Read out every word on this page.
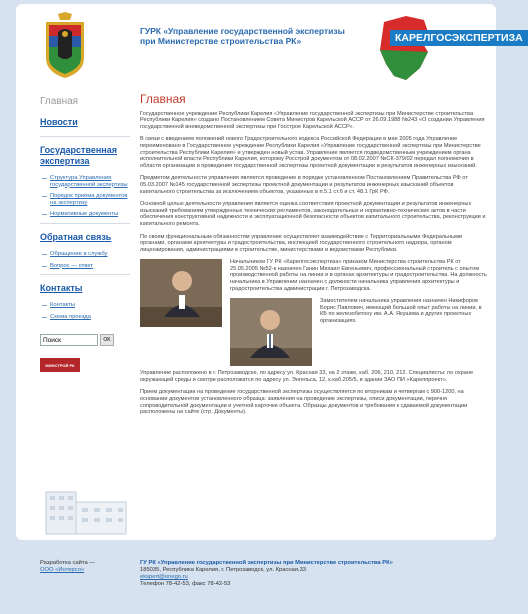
ГУРК «Управление государственной экспертизы
при Министерстве строительства РК»	КАРЕЛГОСЭКСПЕРТИЗА
Главная
Новости
Государственная экспертиза
Структура Управления государственной экспертизы
Порядок приёма документов на экспертизу
Нормативные документы
Обратная связь
Обращение в службу
Вопрос — ответ
Контакты
Контакты
Схема проезда
Поиск
OK
МИНСТРОЙ РК
Главная

Государственное учреждение Республики Карелия «Управление государственной экспертизы при Министерстве строительства Республики Карелия» создано Постановлением Совета Министров Карельской АССР от 26.09.1988 №243 «О создании Управления государственной вневедомственной экспертизы при Госстрое Карельской АССР».

В связи с введением положений нового Градостроительного кодекса Российской Федерации в мае 2005 года Управление переименовано в Государственное учреждение Республики Карелия «Управление государственной экспертизы при Министерстве строительства Республики Карелия» и утвержден новый устав. Управление является подведомственным учреждением органа исполнительной власти Республики Карелия, которому Росстрой документом от 08.02.2007 №СК-379/02 передал полномочия в области организации и проведения государственной экспертизы проектной документации и результатов инженерных изысканий.

Предметом деятельности управления является проведение в порядке установленном Постановлением Правительства РФ от 05.03.2007 №145 государственной экспертизы проектной документации и результатов инженерных изысканий объектов капитального строительства за исключением объектов, указанных в п.5.1 ст.6 и ст. 48.1 ГрК РФ.

Основной целью деятельности управления является оценка соответствия проектной документации и результатов инженерных изысканий требованиям утвержденных технических регламентов, законодательных и нормативно-технических актов в части обеспечения конструктивной надежности и эксплуатационной безопасности объектов капитального строительства, реконструкции и капитального ремонта.

По своим функциональным обязанностям управление осуществляет взаимодействие с Территориальными Федеральными органами, органами архитектуры и градостроительства, инспекцией государственного строительного надзора, органом лицензирования, администрациями в строительстве, министерствами и ведомствами Республики.

Начальником ГУ РК «Карелгосэкспертиза» приказом Министерства строительства РК от 25.05.2005 №52-к назначен Ганин Михаил Евгеньевич, профессиональный строитель с опытом производственной работы на линии и в органах архитектуры и градостроительства. На должность начальника в Управлении назначен с должности начальника управления архитектуры и градостроительства администрации г. Петрозаводска.

Заместителем начальника управления назначен Никифоров Борис Павлович, имеющий большой опыт работы на линии, в КБ по железобетону им. А.А. Якушева и других проектных организациях.

Управление расположено в г. Петрозаводске, по адресу ул. Красная 33, на 2 этаже, каб. 206, 210, 212. Специалисты: по охране окружающей среды и смотри расположатся по адресу ул. Энгельса, 12, к.каб.205/5, в здании ЗАО ПИ «Карелпроект».

Прием документации на проведение государственной экспертизы осуществляется по вторникам и четвергам с 900-1200, на основании документов установленного образца: заявления на проведение экспертизы, описи документации, перечня сопроводительной документации и учетной карточки объекта. Образцы документов и требования к сдаваемой документации расположены на сайте (стр. Документы).

Разработка сайта —
ООО «Интерсо»
ГУ РК «Управление государственной экспертизы при Министерстве строительства РК»
185035, Республика Карелия, г. Петрозаводск, ул. Красная,33
ekspert@onego.ru
Телефон 78-42-53, факс 78-42-53
